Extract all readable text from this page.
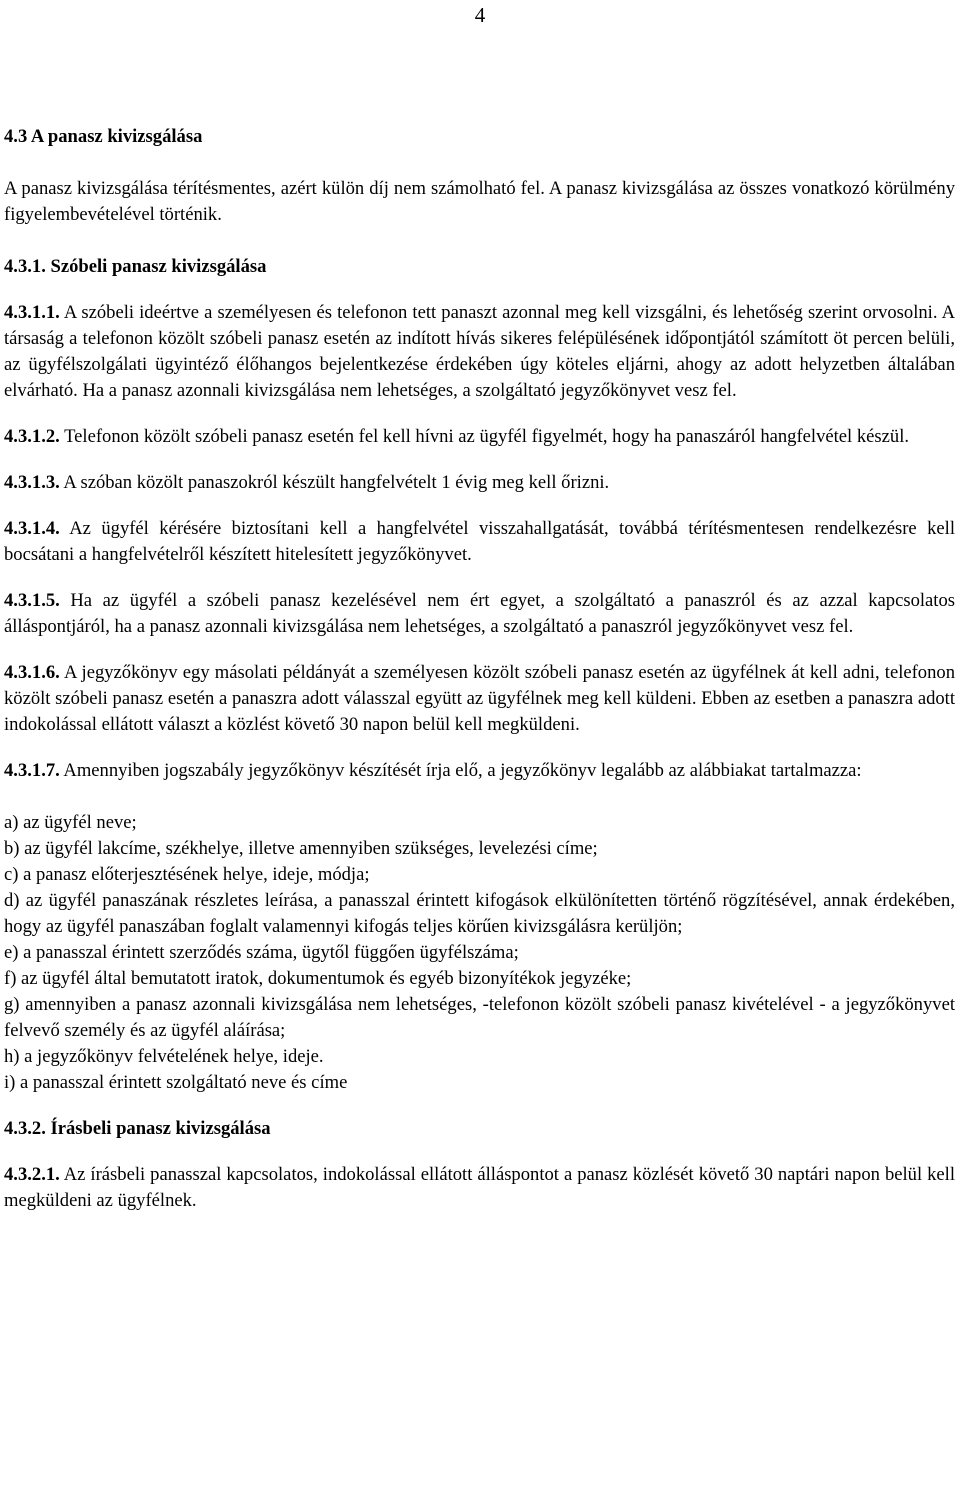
4
4.3 A panasz kivizsgálása

A panasz kivizsgálása térítésmentes, azért külön díj nem számolható fel. A panasz kivizsgálása az összes vonatkozó körülmény figyelembevételével történik.

4.3.1. Szóbeli panasz kivizsgálása

4.3.1.1. A szóbeli ideértve a személyesen és telefonon tett panaszt azonnal meg kell vizsgálni, és lehetőség szerint orvosolni. A társaság a telefonon közölt szóbeli panasz esetén az indított hívás sikeres felépülésének időpontjától számított öt percen belüli, az ügyfélszolgálati ügyintéző élőhangos bejelentkezése érdekében úgy köteles eljárni, ahogy az adott helyzetben általában elvárható. Ha a panasz azonnali kivizsgálása nem lehetséges, a szolgáltató jegyzőkönyvet vesz fel.

4.3.1.2. Telefonon közölt szóbeli panasz esetén fel kell hívni az ügyfél figyelmét, hogy ha panaszáról hangfelvétel készül.

4.3.1.3. A szóban közölt panaszokról készült hangfelvételt 1 évig meg kell őrizni.

4.3.1.4. Az ügyfél kérésére biztosítani kell a hangfelvétel visszahallgatását, továbbá térítésmentesen rendelkezésre kell bocsátani a hangfelvételről készített hitelesített jegyzőkönyvet.

4.3.1.5. Ha az ügyfél a szóbeli panasz kezelésével nem ért egyet, a szolgáltató a panaszról és az azzal kapcsolatos álláspontjáról, ha a panasz azonnali kivizsgálása nem lehetséges, a szolgáltató a panaszról jegyzőkönyvet vesz fel.

4.3.1.6. A jegyzőkönyv egy másolati példányát a személyesen közölt szóbeli panasz esetén az ügyfélnek át kell adni, telefonon közölt szóbeli panasz esetén a panaszra adott válasszal együtt az ügyfélnek meg kell küldeni. Ebben az esetben a panaszra adott indokolással ellátott választ a közlést követő 30 napon belül kell megküldeni.

4.3.1.7. Amennyiben jogszabály jegyzőkönyv készítését írja elő, a jegyzőkönyv legalább az alábbiakat tartalmazza:

a) az ügyfél neve;

b) az ügyfél lakcíme, székhelye, illetve amennyiben szükséges, levelezési címe;

c) a panasz előterjesztésének helye, ideje, módja;

d) az ügyfél panaszának részletes leírása, a panasszal érintett kifogások elkülönítetten történő rögzítésével, annak érdekében, hogy az ügyfél panaszában foglalt valamennyi kifogás teljes körűen kivizsgálásra kerüljön;

e) a panasszal érintett szerződés száma, ügytől függően ügyfélszáma;

f) az ügyfél által bemutatott iratok, dokumentumok és egyéb bizonyítékok jegyzéke;

g) amennyiben a panasz azonnali kivizsgálása nem lehetséges, -telefonon közölt szóbeli panasz kivételével - a jegyzőkönyvet felvevő személy és az ügyfél aláírása;

h) a jegyzőkönyv felvételének helye, ideje.

i) a panasszal érintett szolgáltató neve és címe

4.3.2. Írásbeli panasz kivizsgálása

4.3.2.1. Az írásbeli panasszal kapcsolatos, indokolással ellátott álláspontot a panasz közlését követő 30 naptári napon belül kell megküldeni az ügyfélnek.
